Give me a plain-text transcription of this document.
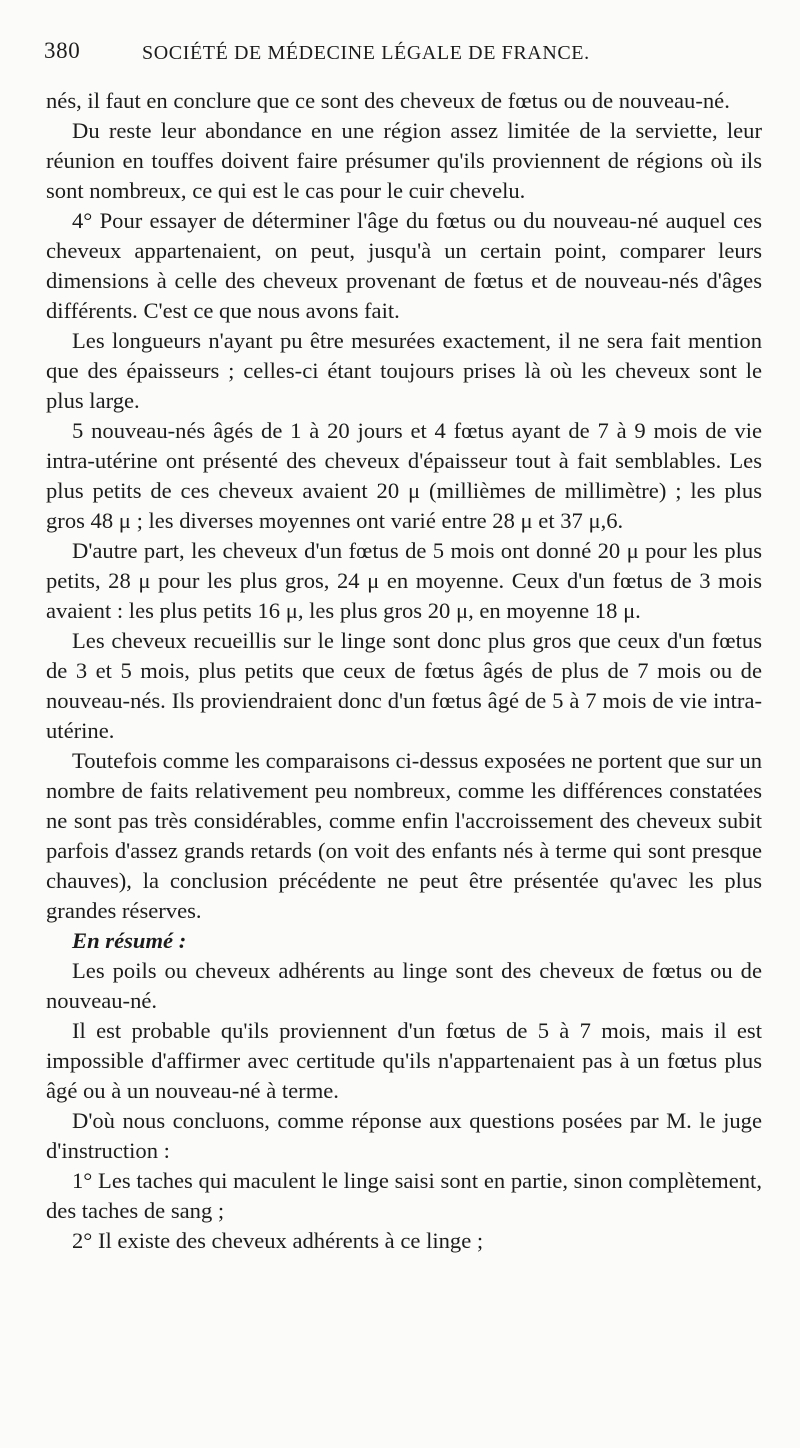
380	SOCIÉTÉ DE MÉDECINE LÉGALE DE FRANCE.

nés, il faut en conclure que ce sont des cheveux de fœtus ou de nouveau-né.

Du reste leur abondance en une région assez limitée de la serviette, leur réunion en touffes doivent faire présumer qu'ils proviennent de régions où ils sont nombreux, ce qui est le cas pour le cuir chevelu.

4° Pour essayer de déterminer l'âge du fœtus ou du nouveau-né auquel ces cheveux appartenaient, on peut, jusqu'à un certain point, comparer leurs dimensions à celle des cheveux provenant de fœtus et de nouveau-nés d'âges différents. C'est ce que nous avons fait.

Les longueurs n'ayant pu être mesurées exactement, il ne sera fait mention que des épaisseurs ; celles-ci étant toujours prises là où les cheveux sont le plus large.

5 nouveau-nés âgés de 1 à 20 jours et 4 fœtus ayant de 7 à 9 mois de vie intra-utérine ont présenté des cheveux d'épaisseur tout à fait semblables. Les plus petits de ces cheveux avaient 20 μ (millièmes de millimètre) ; les plus gros 48 μ ; les diverses moyennes ont varié entre 28 μ et 37 μ,6.

D'autre part, les cheveux d'un fœtus de 5 mois ont donné 20 μ pour les plus petits, 28 μ pour les plus gros, 24 μ en moyenne. Ceux d'un fœtus de 3 mois avaient : les plus petits 16 μ, les plus gros 20 μ, en moyenne 18 μ.

Les cheveux recueillis sur le linge sont donc plus gros que ceux d'un fœtus de 3 et 5 mois, plus petits que ceux de fœtus âgés de plus de 7 mois ou de nouveau-nés. Ils proviendraient donc d'un fœtus âgé de 5 à 7 mois de vie intra-utérine.

Toutefois comme les comparaisons ci-dessus exposées ne portent que sur un nombre de faits relativement peu nombreux, comme les différences constatées ne sont pas très considérables, comme enfin l'accroissement des cheveux subit parfois d'assez grands retards (on voit des enfants nés à terme qui sont presque chauves), la conclusion précédente ne peut être présentée qu'avec les plus grandes réserves.

En résumé :

Les poils ou cheveux adhérents au linge sont des cheveux de fœtus ou de nouveau-né.

Il est probable qu'ils proviennent d'un fœtus de 5 à 7 mois, mais il est impossible d'affirmer avec certitude qu'ils n'appartenaient pas à un fœtus plus âgé ou à un nouveau-né à terme.

D'où nous concluons, comme réponse aux questions posées par M. le juge d'instruction :

1° Les taches qui maculent le linge saisi sont en partie, sinon complètement, des taches de sang ;

2° Il existe des cheveux adhérents à ce linge ;
